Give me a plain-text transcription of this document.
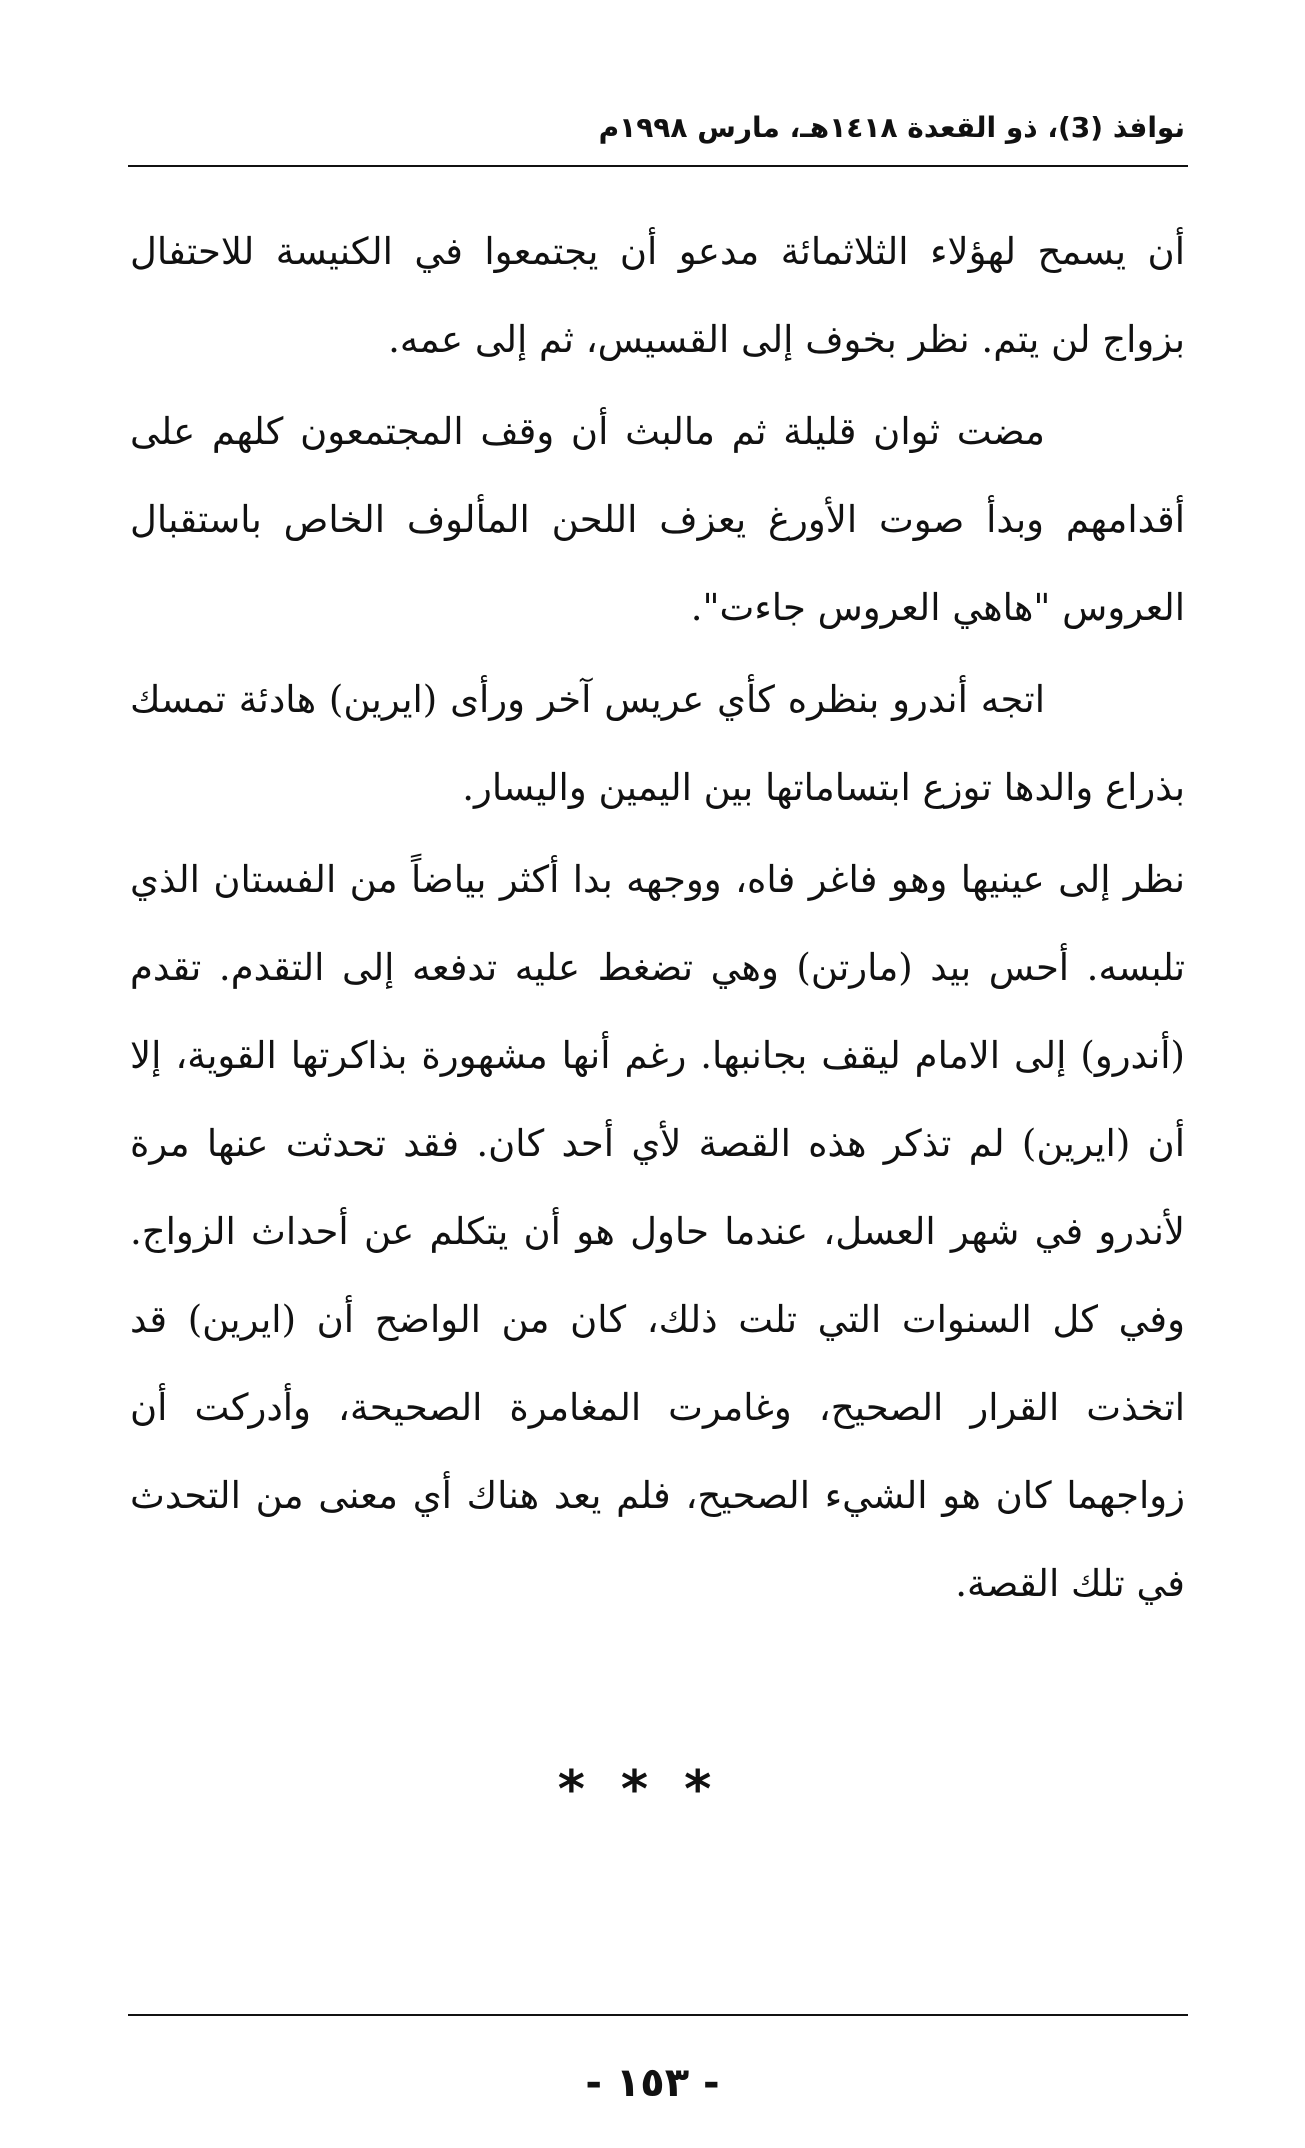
نوافذ (3)، ذو القعدة ١٤١٨هـ، مارس ١٩٩٨م

أن يسمح لهؤلاء الثلاثمائة مدعو أن يجتمعوا في الكنيسة للاحتفال بزواج لن يتم. نظر بخوف إلى القسيس، ثم إلى عمه.

مضت ثوان قليلة ثم مالبث أن وقف المجتمعون كلهم على أقدامهم وبدأ صوت الأورغ يعزف اللحن المألوف الخاص باستقبال العروس "هاهي العروس جاءت".

اتجه أندرو بنظره كأي عريس آخر ورأى (ايرين) هادئة تمسك بذراع والدها توزع ابتساماتها بين اليمين واليسار.

نظر إلى عينيها وهو فاغر فاه، ووجهه بدا أكثر بياضاً من الفستان الذي تلبسه. أحس بيد (مارتن) وهي تضغط عليه تدفعه إلى التقدم. تقدم (أندرو) إلى الامام ليقف بجانبها. رغم أنها مشهورة بذاكرتها القوية، إلا أن (ايرين) لم تذكر هذه القصة لأي أحد كان. فقد تحدثت عنها مرة لأندرو في شهر العسل، عندما حاول هو أن يتكلم عن أحداث الزواج. وفي كل السنوات التي تلت ذلك، كان من الواضح أن (ايرين) قد اتخذت القرار الصحيح، وغامرت المغامرة الصحيحة، وأدركت أن زواجهما كان هو الشيء الصحيح، فلم يعد هناك أي معنى من التحدث في تلك القصة.

***
- ١٥٣ -
